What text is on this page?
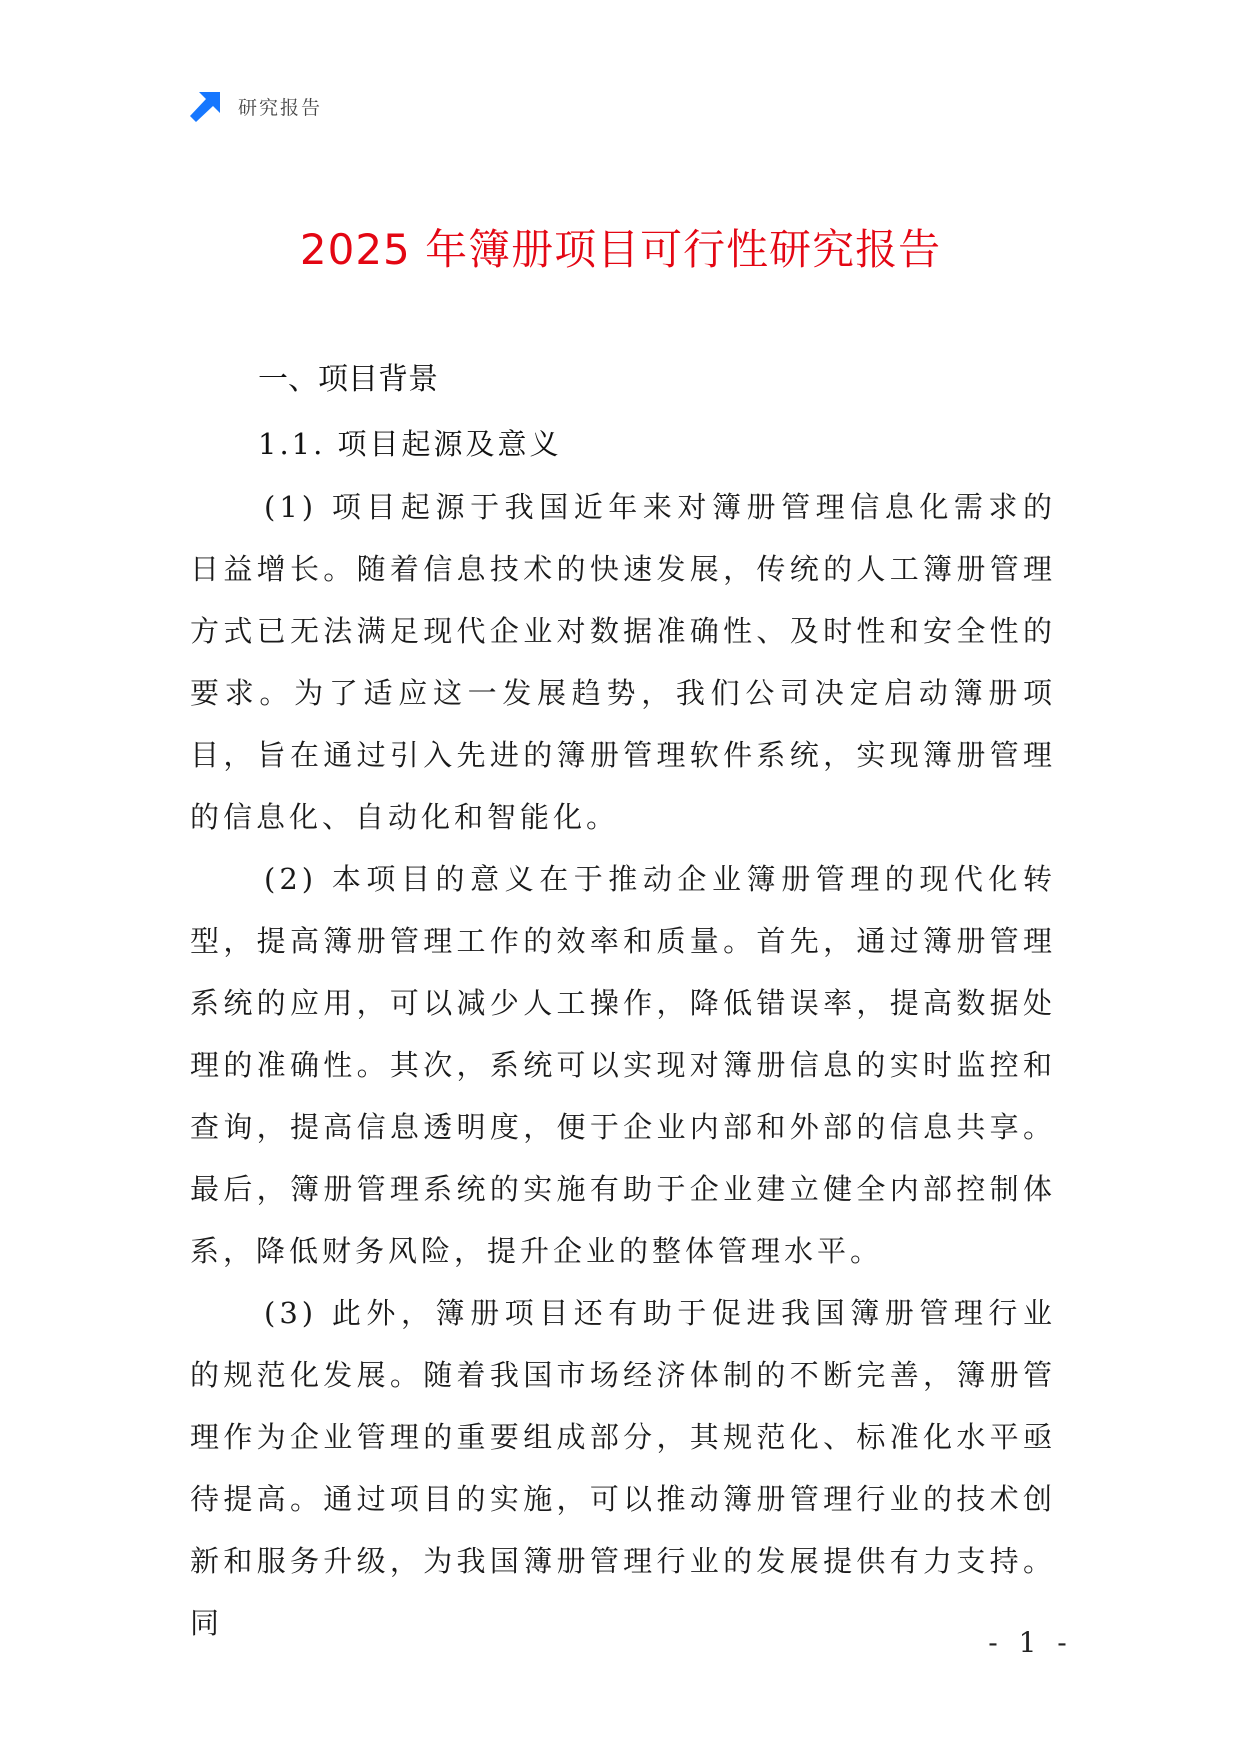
研究报告
2025 年簿册项目可行性研究报告
一、项目背景
1.1. 项目起源及意义

(1) 项目起源于我国近年来对簿册管理信息化需求的日益增长。随着信息技术的快速发展，传统的人工簿册管理方式已无法满足现代企业对数据准确性、及时性和安全性的要求。为了适应这一发展趋势，我们公司决定启动簿册项目，旨在通过引入先进的簿册管理软件系统，实现簿册管理的信息化、自动化和智能化。

(2) 本项目的意义在于推动企业簿册管理的现代化转型，提高簿册管理工作的效率和质量。首先，通过簿册管理系统的应用，可以减少人工操作，降低错误率，提高数据处理的准确性。其次，系统可以实现对簿册信息的实时监控和查询，提高信息透明度，便于企业内部和外部的信息共享。最后，簿册管理系统的实施有助于企业建立健全内部控制体系，降低财务风险，提升企业的整体管理水平。

(3) 此外，簿册项目还有助于促进我国簿册管理行业的规范化发展。随着我国市场经济体制的不断完善，簿册管理作为企业管理的重要组成部分，其规范化、标准化水平亟待提高。通过项目的实施，可以推动簿册管理行业的技术创新和服务升级，为我国簿册管理行业的发展提供有力支持。同

- 1 -
